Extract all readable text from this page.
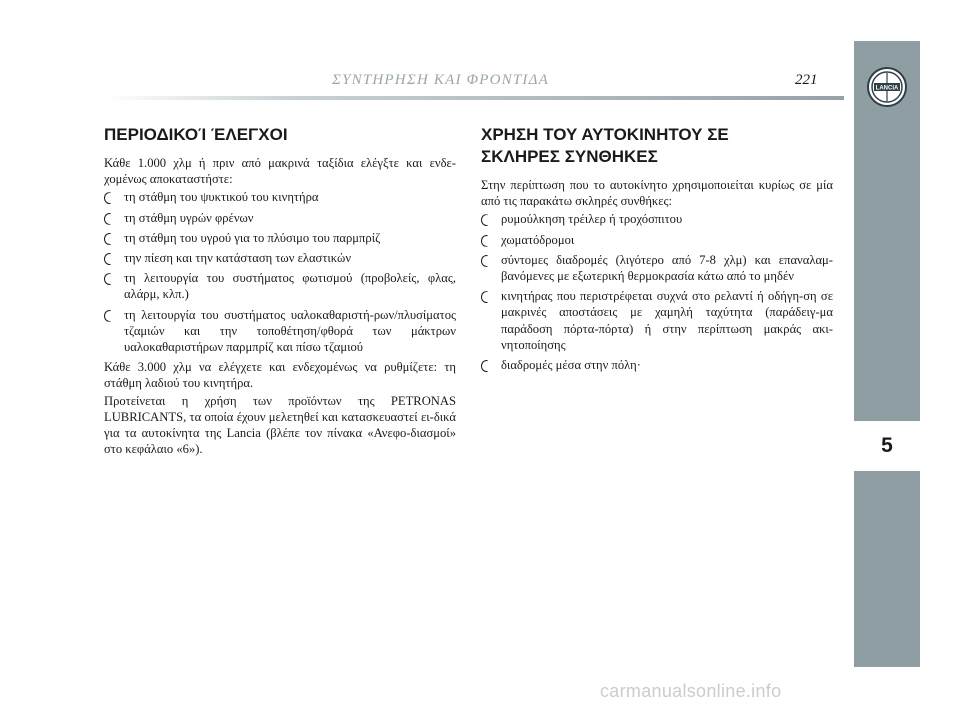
ΣΥΝΤΗΡΗΣΗ ΚΑΙ ΦΡΟΝΤΙΔΑ	221
LANCIA
5
ΠΕΡΙΟΔΙΚΟΊ ΈΛΕΓΧΟΙ

Κάθε 1.000 χλμ ή πριν από μακρινά ταξίδια ελέγξτε και ενδε-χομένως αποκαταστήστε:

τη στάθμη του ψυκτικού του κινητήρα
τη στάθμη υγρών φρένων
τη στάθμη του υγρού για το πλύσιμο του παρμπρίζ
την πίεση και την κατάσταση των ελαστικών
τη λειτουργία του συστήματος φωτισμού (προβολείς, φλας, αλάρμ, κλπ.)
τη λειτουργία του συστήματος υαλοκαθαριστή-ρων/πλυσίματος τζαμιών και την τοποθέτηση/φθορά των μάκτρων υαλοκαθαριστήρων παρμπρίζ και πίσω τζαμιού

Κάθε 3.000 χλμ να ελέγχετε και ενδεχομένως να ρυθμίζετε: τη στάθμη λαδιού του κινητήρα.

Προτείνεται η χρήση των προϊόντων της PETRONAS LUBRICANTS, τα οποία έχουν μελετηθεί και κατασκευαστεί ει-δικά για τα αυτοκίνητα της Lancia (βλέπε τον πίνακα «Ανεφο-διασμοί» στο κεφάλαιο «6»).

ΧΡΗΣΗ ΤΟΥ ΑΥΤΟΚΙΝΗΤΟΥ ΣΕ
ΣΚΛΗΡΕΣ ΣΥΝΘΗΚΕΣ

Στην περίπτωση που το αυτοκίνητο χρησιμοποιείται κυρίως σε μία από τις παρακάτω σκληρές συνθήκες:

ρυμούλκηση τρέιλερ ή τροχόσπιτου
χωματόδρομοι
σύντομες διαδρομές (λιγότερο από 7-8 χλμ) και επαναλαμ-βανόμενες με εξωτερική θερμοκρασία κάτω από το μηδέν
κινητήρας που περιστρέφεται συχνά στο ρελαντί ή οδήγη-ση σε μακρινές αποστάσεις με χαμηλή ταχύτητα (παράδειγ-μα παράδοση πόρτα-πόρτα) ή στην περίπτωση μακράς ακι-νητοποίησης
διαδρομές μέσα στην πόλη·
carmanualsonline.info
